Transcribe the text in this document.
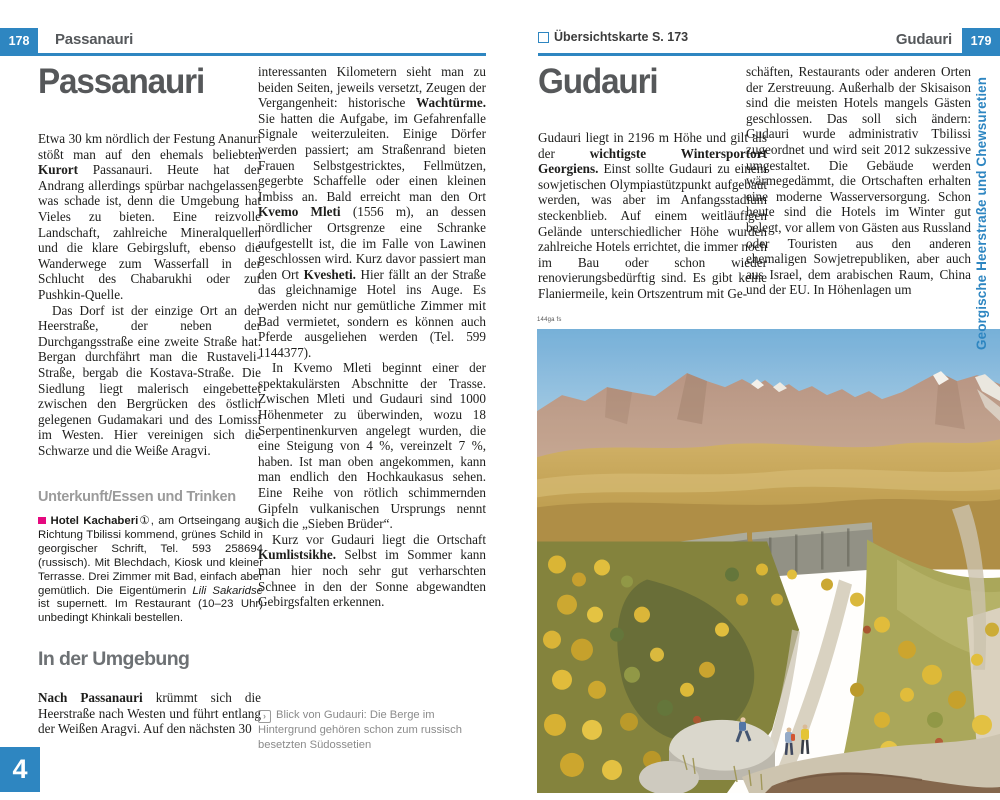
178 Passanauri	Übersichtskarte S. 173	Gudauri 179
Passanauri

Etwa 30 km nördlich der Festung Ananuri stößt man auf den ehemals beliebten Kurort Passanauri. Heute hat der Andrang allerdings spürbar nachgelassen, was schade ist, denn die Umgebung hat Vieles zu bieten. Eine reizvolle Landschaft, zahlreiche Mineralquellen und die klare Gebirgsluft, ebenso die Wanderwege zum Wasserfall in der Schlucht des Chabarukhi oder zur Pushkin-Quelle.

Das Dorf ist der einzige Ort an der Heerstraße, der neben der Durchgangsstraße eine zweite Straße hat. Bergan durchfährt man die Rustaveli-Straße, bergab die Kostava-Straße. Die Siedlung liegt malerisch eingebettet zwischen den Bergrücken des östlich gelegenen Gudamakari und des Lomissi im Westen. Hier vereinigen sich die Schwarze und die Weiße Aragvi.

Unterkunft/Essen und Trinken
Hotel Kachaberi①, am Ortseingang aus Richtung Tbilissi kommend, grünes Schild in georgischer Schrift, Tel. 593 258694 (russisch). Mit Blechdach, Kiosk und kleiner Terrasse. Drei Zimmer mit Bad, einfach aber gemütlich. Die Eigentümerin Lili Sakaridse ist supernett. Im Restaurant (10–23 Uhr) unbedingt Khinkali bestellen.
In der Umgebung

Nach Passanauri krümmt sich die Heerstraße nach Westen und führt entlang der Weißen Aragvi. Auf den nächsten 30

interessanten Kilometern sieht man zu beiden Seiten, jeweils versetzt, Zeugen der Vergangenheit: historische Wachtürme. Sie hatten die Aufgabe, im Gefahrenfalle Signale weiterzuleiten. Einige Dörfer werden passiert; am Straßenrand bieten Frauen Selbstgestricktes, Fellmützen, gegerbte Schaffelle oder einen kleinen Imbiss an. Bald erreicht man den Ort Kvemo Mleti (1556 m), an dessen nördlicher Ortsgrenze eine Schranke aufgestellt ist, die im Falle von Lawinen geschlossen wird. Kurz davor passiert man den Ort Kvesheti. Hier fällt an der Straße das gleichnamige Hotel ins Auge. Es werden nicht nur gemütliche Zimmer mit Bad vermietet, sondern es können auch Pferde ausgeliehen werden (Tel. 599 1144377).

In Kvemo Mleti beginnt einer der spektakulärsten Abschnitte der Trasse. Zwischen Mleti und Gudauri sind 1000 Höhenmeter zu überwinden, wozu 18 Serpentinenkurven angelegt wurden, die eine Steigung von 4 %, vereinzelt 7 %, haben. Ist man oben angekommen, kann man endlich den Hochkaukasus sehen. Eine Reihe von rötlich schimmernden Gipfeln vulkanischen Ursprungs nennt sich die „Sieben Brüder“.

Kurz vor Gudauri liegt die Ortschaft Kumlistsikhe. Selbst im Sommer kann man hier noch sehr gut verharschten Schnee in den der Sonne abgewandten Gebirgsfalten erkennen.

› Blick von Gudauri: Die Berge im Hintergrund gehören schon zum russisch besetzten Südossetien
Gudauri

Gudauri liegt in 2196 m Höhe und gilt als der wichtigste Wintersportort Georgiens. Einst sollte Gudauri zu einem sowjetischen Olympiastützpunkt aufgebaut werden, was aber im Anfangsstadium steckenblieb. Auf einem weitläufigen Gelände unterschiedlicher Höhe wurden zahlreiche Hotels errichtet, die immer noch im Bau oder schon wieder renovierungsbedürftig sind. Es gibt keine Flaniermeile, kein Ortszentrum mit Ge-

schäften, Restaurants oder anderen Orten der Zerstreuung. Außerhalb der Skisaison sind die meisten Hotels mangels Gästen geschlossen. Das soll sich ändern: Gudauri wurde administrativ Tbilissi zugeordnet und wird seit 2012 sukzessive umgestaltet. Die Gebäude werden wärmegedämmt, die Ortschaften erhalten eine moderne Wasserversorgung. Schon heute sind die Hotels im Winter gut belegt, vor allem von Gästen aus Russland oder Touristen aus den anderen ehemaligen Sowjetrepubliken, aber auch aus Israel, dem arabischen Raum, China und der EU. In Höhenlagen um

144ga fs	Georgische Heerstraße und Chewsuretien
4
